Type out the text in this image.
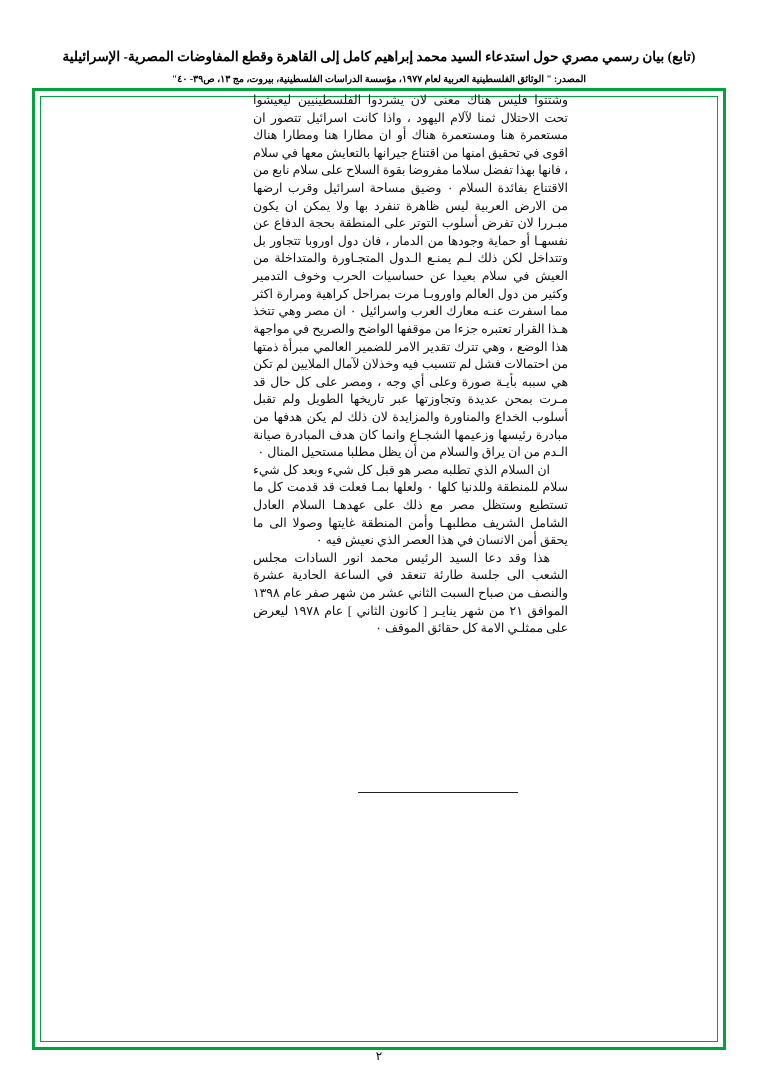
(تابع) بيان رسمي مصري حول استدعاء السيد محمد إبراهيم كامل إلى القاهرة وقطع المفاوضات المصرية- الإسرائيلية
المصدر: " الوثائق الفلسطينية العربية لعام ١٩٧٧، مؤسسة الدراسات الفلسطينية، بيروت، مج ١٣، ص٣٩- ٤٠"

وشتتوا فليس هناك معنى لان يشردوا الفلسطينيين ليعيشوا تحت الاحتلال ثمنا لآلام اليهود ، واذا كانت اسرائيل تتصور ان مستعمرة هنا ومستعمرة هناك أو ان مطارا هنا ومطارا هناك اقوى في تحقيق امنها من اقتناع جيرانها بالتعايش معها في سلام ، فانها بهذا تفضل سلاما مفروضا بقوة السلاح على سلام نابع من الاقتناع بفائدة السلام ٠ وضيق مساحة اسرائيل وقرب ارضها من الارض العربية ليس ظاهرة تنفرد بها ولا يمكن ان يكون مبـررا لان تفرض أسلوب التوتر على المنطقة بحجة الدفاع عن نفسهـا أو حماية وجودها من الدمار ، فان دول اوروبا تتجاور بل وتتداخل لكن ذلك لـم يمنـع الـدول المتجـاورة والمتداخلة من العيش في سلام بعيدا عن حساسيات الحرب وخوف التدمير وكثير من دول العالم واوروبـا مرت بمراحل كراهية ومرارة اكثر مما اسفرت عنـه معارك العرب واسرائيل ٠ ان مصر وهي تتخذ هـذا القرار تعتبره جزءا من موقفها الواضح والصريح في مواجهة هذا الوضع ، وهي تترك تقدير الامر للضمير العالمي مبرأة ذمتها من احتمالات فشل لم تتسبب فيه وخذلان لآمال الملايين لم تكن هي سببه بأيـة صورة وعلى أي وجه ، ومصر على كل حال قد مـرت بمحن عديدة وتجاوزتها عبر تاريخها الطويل ولم تقبل أسلوب الخداع والمناورة والمزايدة لان ذلك لم يكن هدفها من مبادرة رئيسها وزعيمها الشجـاع وانما كان هدف المبادرة صيانة الـدم من ان يراق والسلام من أن يظل مطلبا مستحيل المنال ٠

ان السلام الذي تطلبه مصر هو قبل كل شيء وبعد كل شيء سلام للمنطقة وللدنيا كلها ٠ ولعلها بمـا فعلت قد قدمت كل ما تستطيع وستظل مصر مع ذلك على عهدهـا السلام العادل الشامل الشريف مطلبهـا وأمن المنطقة غايتها وصولا الى ما يحقق أمن الانسان في هذا العصر الذي نعيش فيه ٠

هذا وقد دعا السيد الرئيس محمد انور السادات مجلس الشعب الى جلسة طارئة تنعقد في الساعة الحادية عشرة والنصف من صباح السبت الثاني عشر من شهر صفر عام ١٣٩٨ الموافق ٢١ من شهر ينايـر [ كانون الثاني ] عام ١٩٧٨ ليعرض على ممثلـي الامة كل حقائق الموقف ٠

٢
